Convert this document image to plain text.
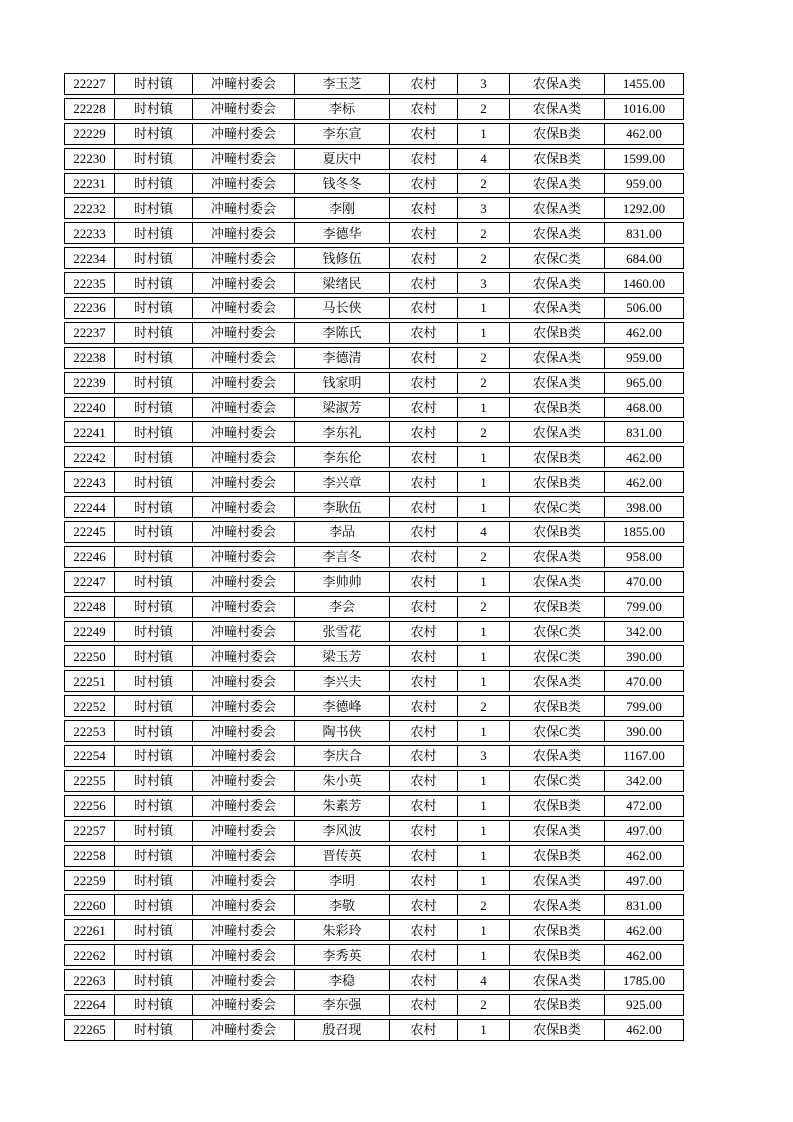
22227	时村镇	冲疃村委会	李玉芝	农村	3	农保A类	1455.00
22228	时村镇	冲疃村委会	李标	农村	2	农保A类	1016.00
22229	时村镇	冲疃村委会	李东宣	农村	1	农保B类	462.00
22230	时村镇	冲疃村委会	夏庆中	农村	4	农保B类	1599.00
22231	时村镇	冲疃村委会	钱冬冬	农村	2	农保A类	959.00
22232	时村镇	冲疃村委会	李刚	农村	3	农保A类	1292.00
22233	时村镇	冲疃村委会	李德华	农村	2	农保A类	831.00
22234	时村镇	冲疃村委会	钱修伍	农村	2	农保C类	684.00
22235	时村镇	冲疃村委会	梁绪民	农村	3	农保A类	1460.00
22236	时村镇	冲疃村委会	马长侠	农村	1	农保A类	506.00
22237	时村镇	冲疃村委会	李陈氏	农村	1	农保B类	462.00
22238	时村镇	冲疃村委会	李德清	农村	2	农保A类	959.00
22239	时村镇	冲疃村委会	钱家明	农村	2	农保A类	965.00
22240	时村镇	冲疃村委会	梁淑芳	农村	1	农保B类	468.00
22241	时村镇	冲疃村委会	李东礼	农村	2	农保A类	831.00
22242	时村镇	冲疃村委会	李东伦	农村	1	农保B类	462.00
22243	时村镇	冲疃村委会	李兴章	农村	1	农保B类	462.00
22244	时村镇	冲疃村委会	李耿伍	农村	1	农保C类	398.00
22245	时村镇	冲疃村委会	李品	农村	4	农保B类	1855.00
22246	时村镇	冲疃村委会	李言冬	农村	2	农保A类	958.00
22247	时村镇	冲疃村委会	李帅帅	农村	1	农保A类	470.00
22248	时村镇	冲疃村委会	李会	农村	2	农保B类	799.00
22249	时村镇	冲疃村委会	张雪花	农村	1	农保C类	342.00
22250	时村镇	冲疃村委会	梁玉芳	农村	1	农保C类	390.00
22251	时村镇	冲疃村委会	李兴夫	农村	1	农保A类	470.00
22252	时村镇	冲疃村委会	李德峰	农村	2	农保B类	799.00
22253	时村镇	冲疃村委会	陶书侠	农村	1	农保C类	390.00
22254	时村镇	冲疃村委会	李庆合	农村	3	农保A类	1167.00
22255	时村镇	冲疃村委会	朱小英	农村	1	农保C类	342.00
22256	时村镇	冲疃村委会	朱素芳	农村	1	农保B类	472.00
22257	时村镇	冲疃村委会	李风波	农村	1	农保A类	497.00
22258	时村镇	冲疃村委会	晋传英	农村	1	农保B类	462.00
22259	时村镇	冲疃村委会	李明	农村	1	农保A类	497.00
22260	时村镇	冲疃村委会	李敬	农村	2	农保A类	831.00
22261	时村镇	冲疃村委会	朱彩玲	农村	1	农保B类	462.00
22262	时村镇	冲疃村委会	李秀英	农村	1	农保B类	462.00
22263	时村镇	冲疃村委会	李稳	农村	4	农保A类	1785.00
22264	时村镇	冲疃村委会	李东强	农村	2	农保B类	925.00
22265	时村镇	冲疃村委会	殷召现	农村	1	农保B类	462.00
